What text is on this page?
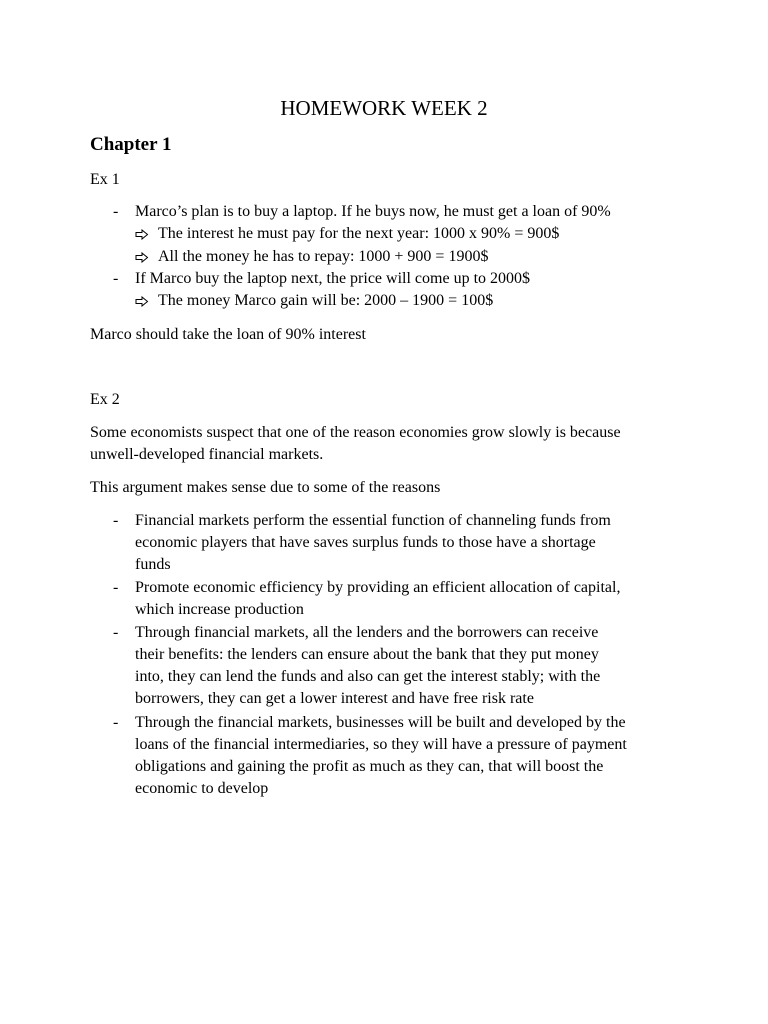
HOMEWORK WEEK 2
Chapter 1
Ex 1
- Marco’s plan is to buy a laptop. If he buys now, he must get a loan of 90%
The interest he must pay for the next year: 1000 x 90% = 900$
All the money he has to repay: 1000 + 900 = 1900$
- If Marco buy the laptop next, the price will come up to 2000$
The money Marco gain will be: 2000 – 1900 = 100$
Marco should take the loan of 90% interest
Ex 2
Some economists suspect that one of the reason economies grow slowly is because
unwell-developed financial markets.
This argument makes sense due to some of the reasons
- Financial markets perform the essential function of channeling funds from
economic players that have saves surplus funds to those have a shortage
funds
- Promote economic efficiency by providing an efficient allocation of capital,
which increase production
- Through financial markets, all the lenders and the borrowers can receive
their benefits: the lenders can ensure about the bank that they put money
into, they can lend the funds and also can get the interest stably; with the
borrowers, they can get a lower interest and have free risk rate
- Through the financial markets, businesses will be built and developed by the
loans of the financial intermediaries, so they will have a pressure of payment
obligations and gaining the profit as much as they can, that will boost the
economic to develop
